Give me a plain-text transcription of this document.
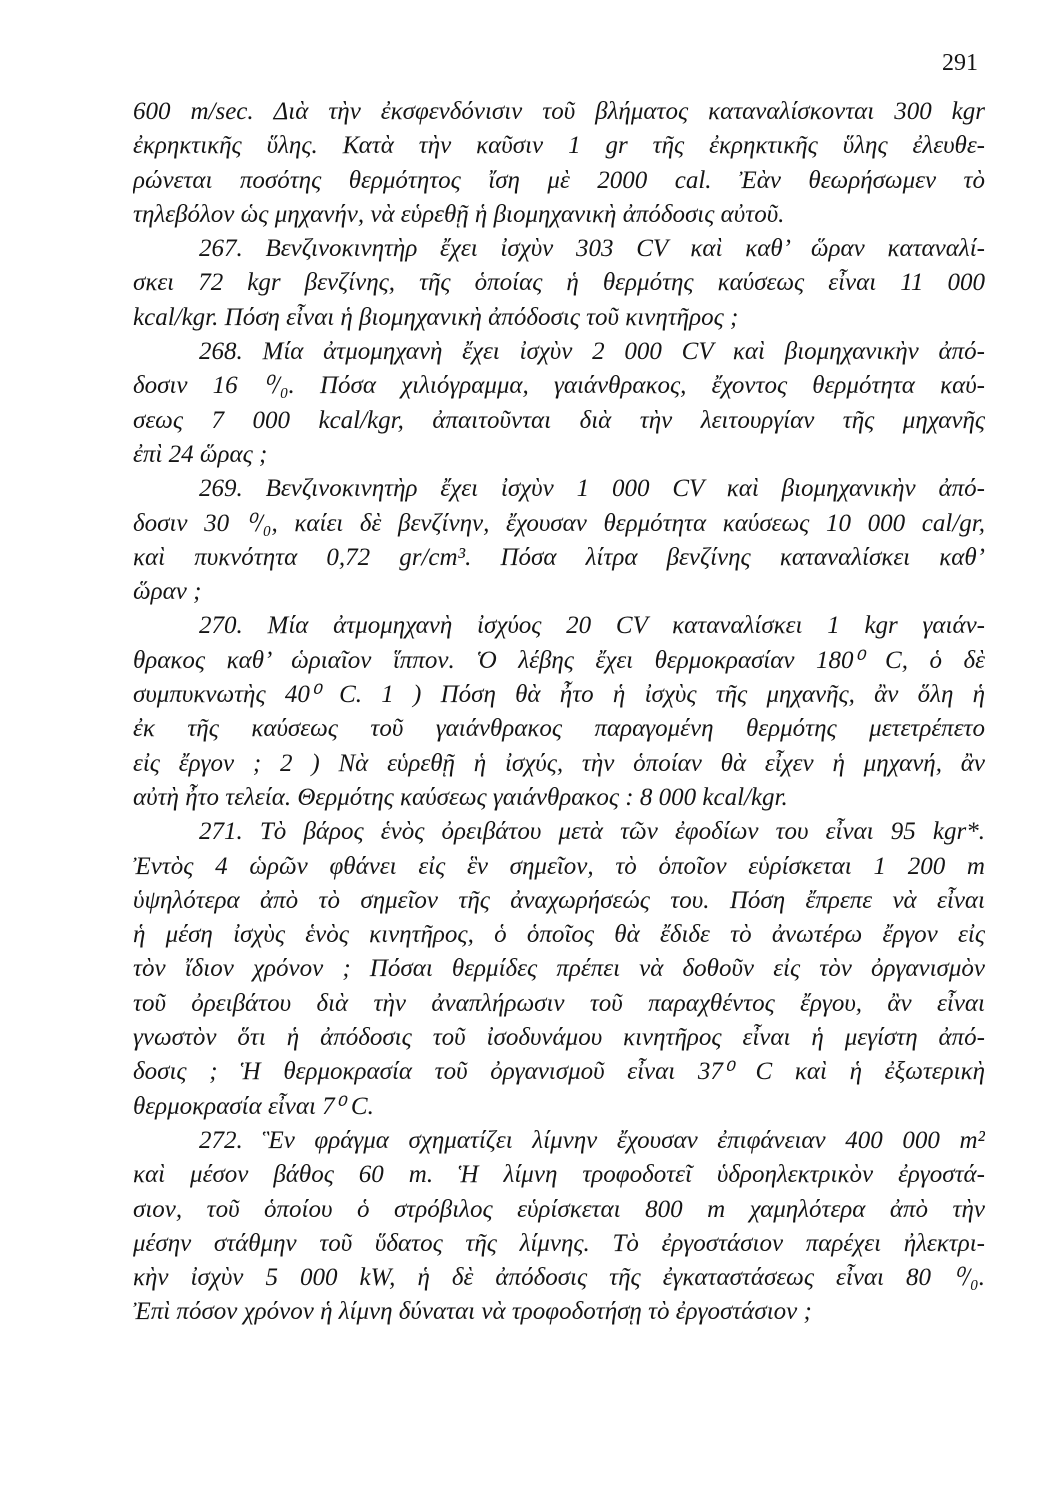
291
600 m/sec. Διὰ τὴν ἐκσφενδόνισιν τοῦ βλήματος καταναλίσκονται 300 kgr
ἐκρηκτικῆς ὕλης. Κατὰ τὴν καῦσιν 1 gr τῆς ἐκρηκτικῆς ὕλης ἐλευθε-
ρώνεται ποσότης θερμότητος ἴση μὲ 2000 cal. Ἐὰν θεωρήσωμεν τὸ
τηλεβόλον ὡς μηχανήν, νὰ εὑρεθῇ ἡ βιομηχανικὴ ἀπόδοσις αὐτοῦ.
267. Βενζινοκινητὴρ ἔχει ἰσχὺν 303 CV καὶ καθ’ ὥραν καταναλί-
σκει 72 kgr βενζίνης, τῆς ὁποίας ἡ θερμότης καύσεως εἶναι 11 000
kcal/kgr. Πόση εἶναι ἡ βιομηχανικὴ ἀπόδοσις τοῦ κινητῆρος ;
268. Μία ἀτμομηχανὴ ἔχει ἰσχὺν 2 000 CV καὶ βιομηχανικὴν ἀπό-
δοσιν 16 ⁰/₀. Πόσα χιλιόγραμμα, γαιάνθρακος, ἔχοντος θερμότητα καύ-
σεως 7 000 kcal/kgr, ἀπαιτοῦνται διὰ τὴν λειτουργίαν τῆς μηχανῆς
ἐπὶ 24 ὥρας ;
269. Βενζινοκινητὴρ ἔχει ἰσχὺν 1 000 CV καὶ βιομηχανικὴν ἀπό-
δοσιν 30 ⁰/₀, καίει δὲ βενζίνην, ἔχουσαν θερμότητα καύσεως 10 000 cal/gr,
καὶ πυκνότητα 0,72 gr/cm³. Πόσα λίτρα βενζίνης καταναλίσκει καθ’
ὥραν ;
270. Μία ἀτμομηχανὴ ἰσχύος 20 CV καταναλίσκει 1 kgr γαιάν-
θρακος καθ’ ὡριαῖον ἵππον. Ὁ λέβης ἔχει θερμοκρασίαν 180⁰ C, ὁ δὲ
συμπυκνωτὴς 40⁰ C. 1 ) Πόση θὰ ἦτο ἡ ἰσχὺς τῆς μηχανῆς, ἂν ὅλη ἡ
ἐκ τῆς καύσεως τοῦ γαιάνθρακος παραγομένη θερμότης μετετρέπετο
εἰς ἔργον ; 2 ) Νὰ εὑρεθῇ ἡ ἰσχύς, τὴν ὁποίαν θὰ εἶχεν ἡ μηχανή, ἂν
αὐτὴ ἦτο τελεία. Θερμότης καύσεως γαιάνθρακος : 8 000 kcal/kgr.
271. Τὸ βάρος ἑνὸς ὀρειβάτου μετὰ τῶν ἐφοδίων του εἶναι 95 kgr*.
Ἐντὸς 4 ὡρῶν φθάνει εἰς ἓν σημεῖον, τὸ ὁποῖον εὑρίσκεται 1 200 m
ὑψηλότερα ἀπὸ τὸ σημεῖον τῆς ἀναχωρήσεώς του. Πόση ἔπρεπε νὰ εἶναι
ἡ μέση ἰσχὺς ἑνὸς κινητῆρος, ὁ ὁποῖος θὰ ἔδιδε τὸ ἀνωτέρω ἔργον εἰς
τὸν ἴδιον χρόνον ; Πόσαι θερμίδες πρέπει νὰ δοθοῦν εἰς τὸν ὀργανισμὸν
τοῦ ὀρειβάτου διὰ τὴν ἀναπλήρωσιν τοῦ παραχθέντος ἔργου, ἂν εἶναι
γνωστὸν ὅτι ἡ ἀπόδοσις τοῦ ἰσοδυνάμου κινητῆρος εἶναι ἡ μεγίστη ἀπό-
δοσις ; Ἡ θερμοκρασία τοῦ ὀργανισμοῦ εἶναι 37⁰ C καὶ ἡ ἐξωτερικὴ
θερμοκρασία εἶναι 7⁰ C.
272. Ἓν φράγμα σχηματίζει λίμνην ἔχουσαν ἐπιφάνειαν 400 000 m²
καὶ μέσον βάθος 60 m. Ἡ λίμνη τροφοδοτεῖ ὑδροηλεκτρικὸν ἐργοστά-
σιον, τοῦ ὁποίου ὁ στρόβιλος εὑρίσκεται 800 m χαμηλότερα ἀπὸ τὴν
μέσην στάθμην τοῦ ὕδατος τῆς λίμνης. Τὸ ἐργοστάσιον παρέχει ἠλεκτρι-
κὴν ἰσχὺν 5 000 kW, ἡ δὲ ἀπόδοσις τῆς ἐγκαταστάσεως εἶναι 80 ⁰/₀.
Ἐπὶ πόσον χρόνον ἡ λίμνη δύναται νὰ τροφοδοτήσῃ τὸ ἐργοστάσιον ;
